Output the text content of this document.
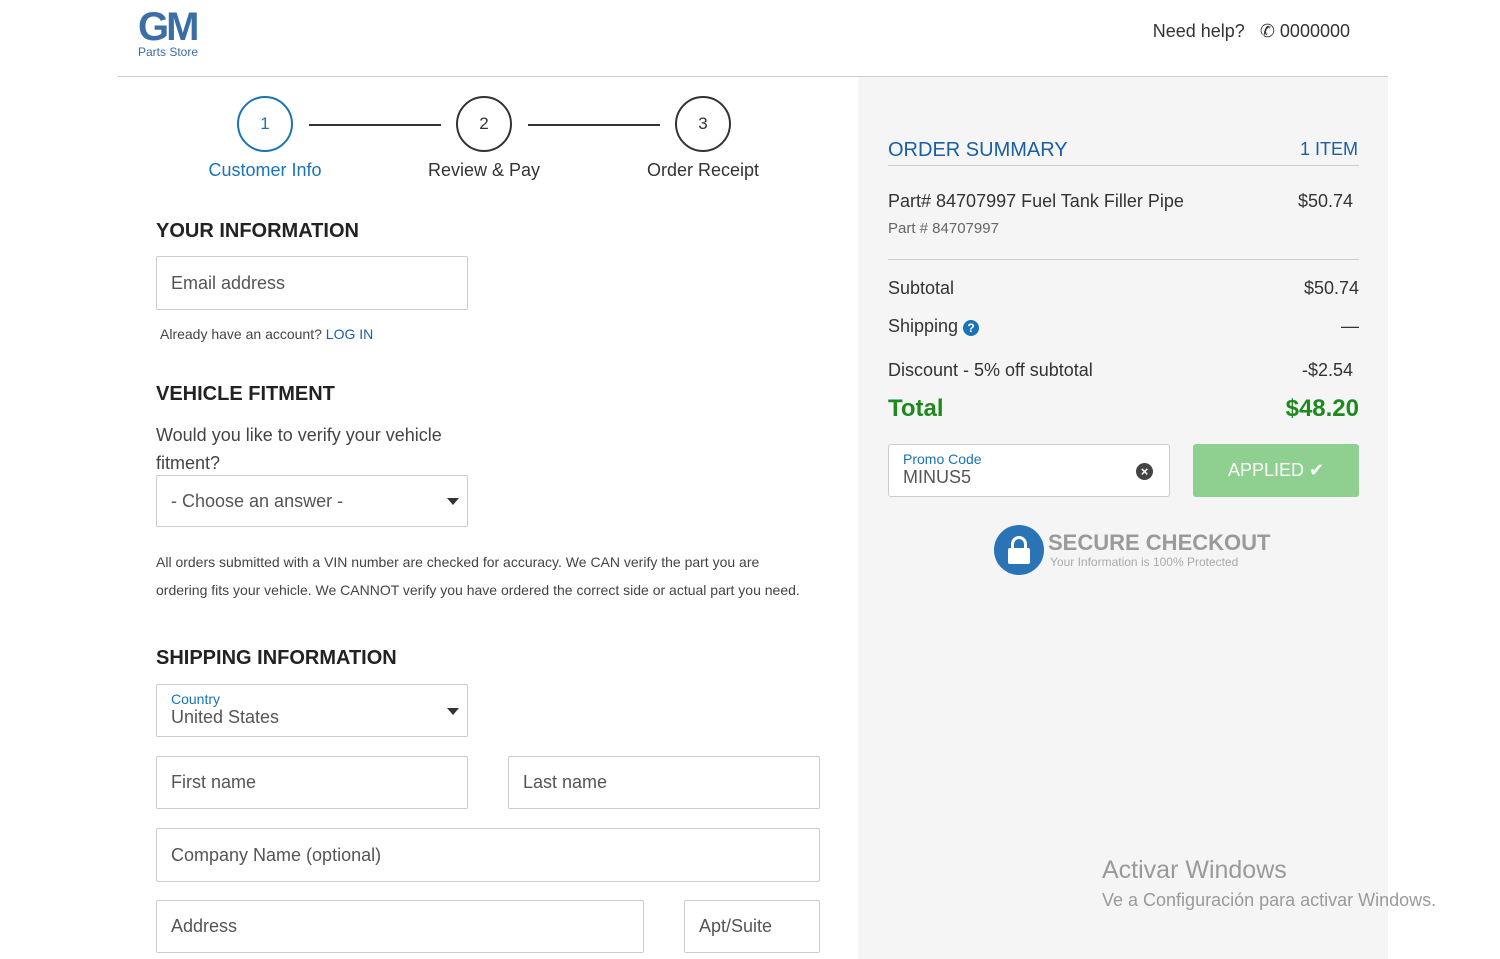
GM
Parts Store
Need help? ✆ 0000000
1
Customer Info
2
Review & Pay
3
Order Receipt
YOUR INFORMATION
Email address
Already have an account? LOG IN
VEHICLE FITMENT
Would you like to verify your vehicle fitment?
- Choose an answer -
All orders submitted with a VIN number are checked for accuracy. We CAN verify the part you are ordering fits your vehicle. We CANNOT verify you have ordered the correct side or actual part you need.
SHIPPING INFORMATION
Country
United States
First name	Last name
Company Name (optional)
Address	Apt/Suite
ORDER SUMMARY	1 ITEM
Part# 84707997 Fuel Tank Filler Pipe	$50.74
Part # 84707997
Subtotal	$50.74
Shipping ?	—
Discount - 5% off subtotal	-$2.54
Total	$48.20
Promo Code
MINUS5	×	APPLIED ✔
SECURE CHECKOUT
Your Information is 100% Protected
Activar Windows
Ve a Configuración para activar Windows.
